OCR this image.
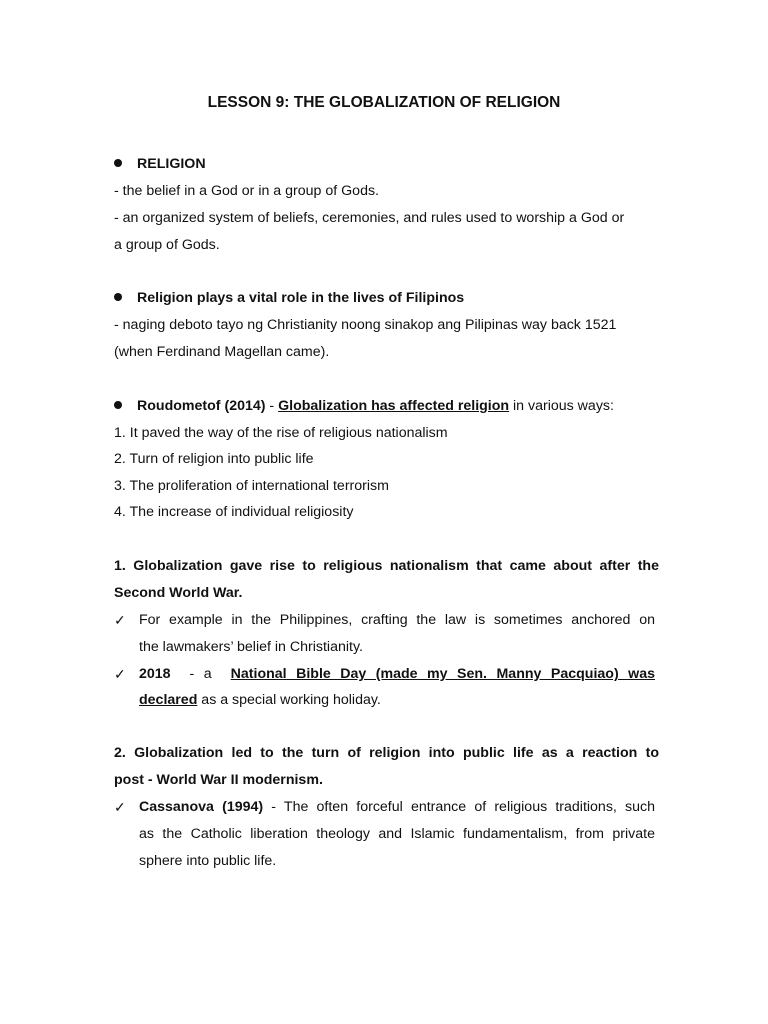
LESSON 9: THE GLOBALIZATION OF RELIGION
RELIGION
- the belief in a God or in a group of Gods.
- an organized system of beliefs, ceremonies, and rules used to worship a God or
a group of Gods.
Religion plays a vital role in the lives of Filipinos
- naging deboto tayo ng Christianity noong sinakop ang Pilipinas way back 1521
(when Ferdinand Magellan came).
Roudometof (2014) - Globalization has affected religion in various ways:
1. It paved the way of the rise of religious nationalism
2. Turn of religion into public life
3. The proliferation of international terrorism
4. The increase of individual religiosity
1. Globalization gave rise to religious nationalism that came about after the
Second World War.
✓ For example in the Philippines, crafting the law is sometimes anchored on
the lawmakers’ belief in Christianity.
✓ 2018  - a  National Bible Day (made my Sen. Manny Pacquiao) was
declared as a special working holiday.
2. Globalization led to the turn of religion into public life as a reaction to
post - World War II modernism.
✓ Cassanova (1994) - The often forceful entrance of religious traditions, such
as the Catholic liberation theology and Islamic fundamentalism, from private
sphere into public life.
